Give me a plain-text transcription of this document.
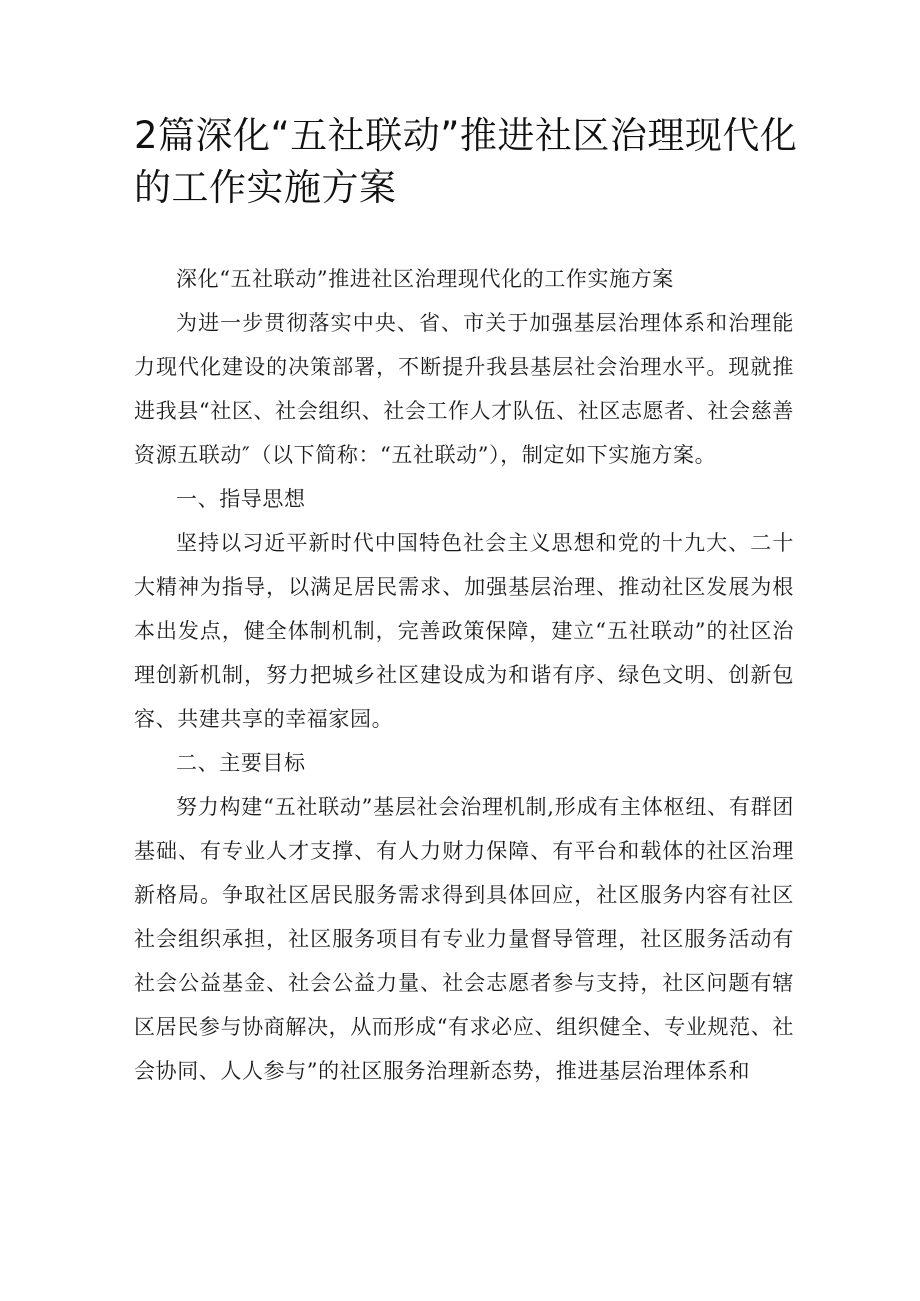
2篇深化“五社联动”推进社区治理现代化的工作实施方案

深化“五社联动”推进社区治理现代化的工作实施方案

为进一步贯彻落实中央、省、市关于加强基层治理体系和治理能力现代化建设的决策部署，不断提升我县基层社会治理水平。现就推进我县“社区、社会组织、社会工作人才队伍、社区志愿者、社会慈善资源五联动″（以下简称：“五社联动”），制定如下实施方案。

一、指导思想

坚持以习近平新时代中国特色社会主义思想和党的十九大、二十大精神为指导，以满足居民需求、加强基层治理、推动社区发展为根本出发点，健全体制机制，完善政策保障，建立“五社联动”的社区治理创新机制，努力把城乡社区建设成为和谐有序、绿色文明、创新包容、共建共享的幸福家园。

二、主要目标

努力构建“五社联动”基层社会治理机制,形成有主体枢纽、有群团基础、有专业人才支撑、有人力财力保障、有平台和载体的社区治理新格局。争取社区居民服务需求得到具体回应，社区服务内容有社区社会组织承担，社区服务项目有专业力量督导管理，社区服务活动有社会公益基金、社会公益力量、社会志愿者参与支持，社区问题有辖区居民参与协商解决，从而形成“有求必应、组织健全、专业规范、社会协同、人人参与”的社区服务治理新态势，推进基层治理体系和
